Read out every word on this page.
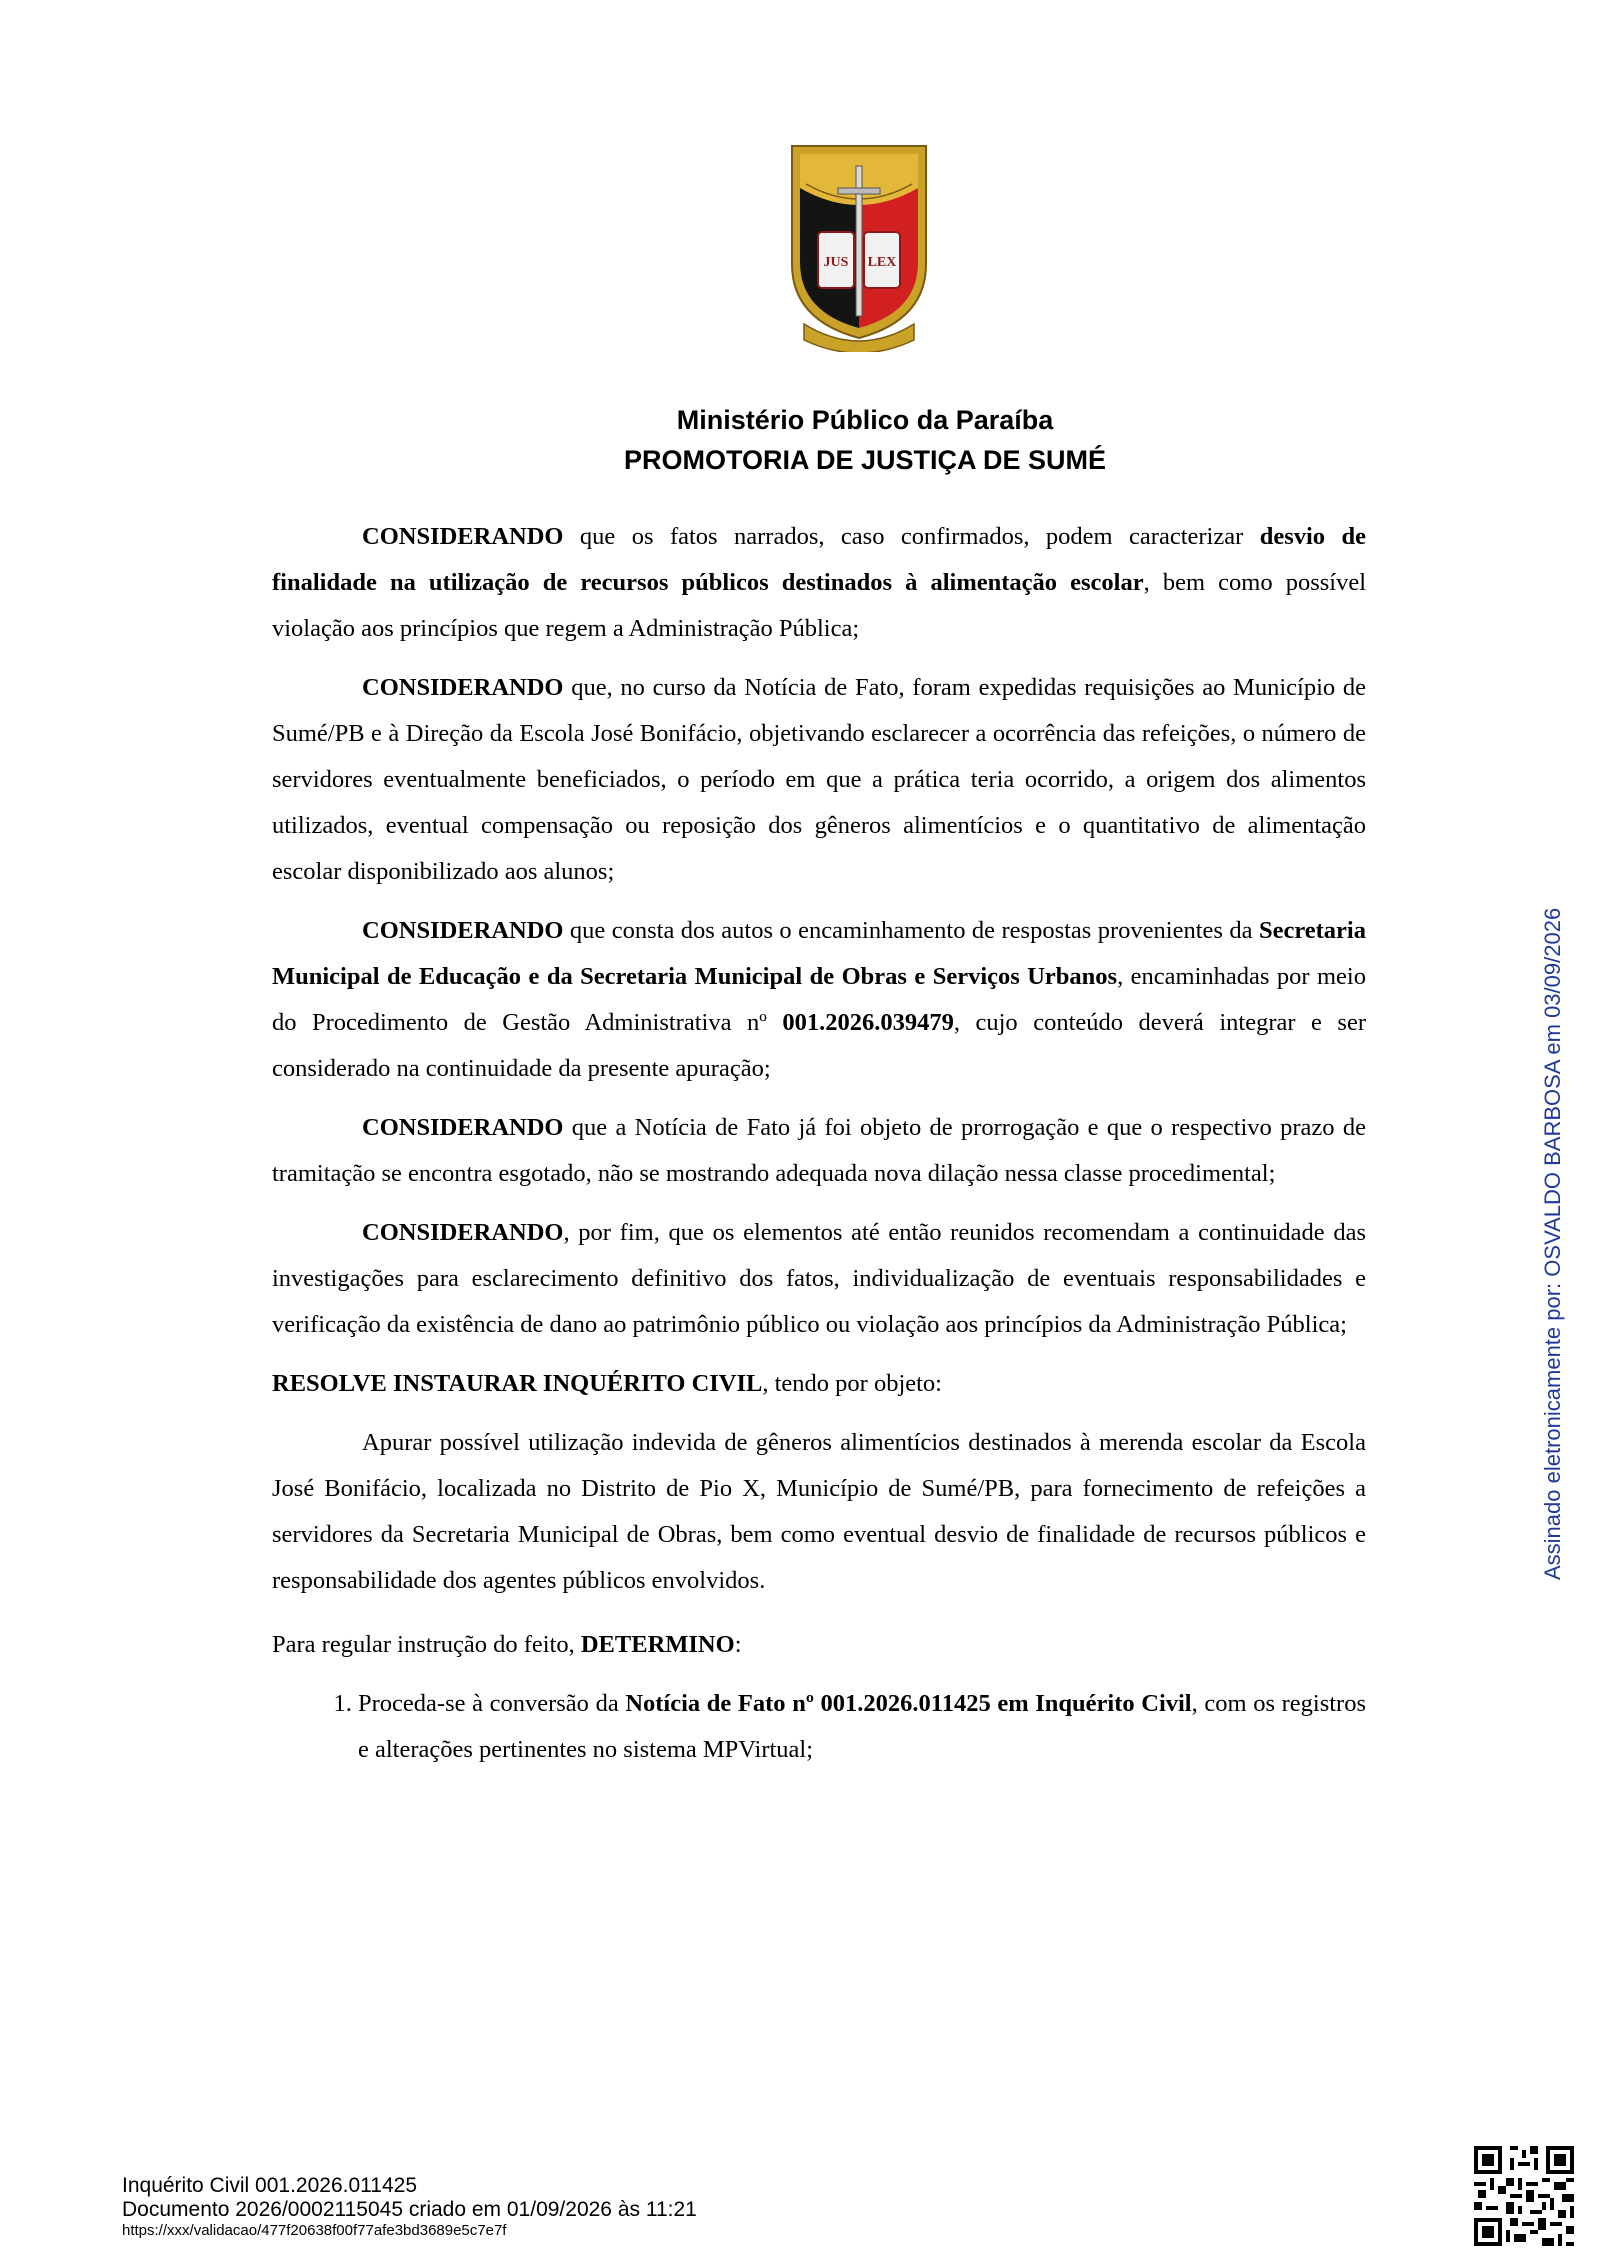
JUS LEX
Ministério Público da Paraíba
PROMOTORIA DE JUSTIÇA DE SUMÉ

CONSIDERANDO que os fatos narrados, caso confirmados, podem caracterizar desvio de finalidade na utilização de recursos públicos destinados à alimentação escolar, bem como possível violação aos princípios que regem a Administração Pública;

CONSIDERANDO que, no curso da Notícia de Fato, foram expedidas requisições ao Município de Sumé/PB e à Direção da Escola José Bonifácio, objetivando esclarecer a ocorrência das refeições, o número de servidores eventualmente beneficiados, o período em que a prática teria ocorrido, a origem dos alimentos utilizados, eventual compensação ou reposição dos gêneros alimentícios e o quantitativo de alimentação escolar disponibilizado aos alunos;

CONSIDERANDO que consta dos autos o encaminhamento de respostas provenientes da Secretaria Municipal de Educação e da Secretaria Municipal de Obras e Serviços Urbanos, encaminhadas por meio do Procedimento de Gestão Administrativa nº 001.2026.039479, cujo conteúdo deverá integrar e ser considerado na continuidade da presente apuração;

CONSIDERANDO que a Notícia de Fato já foi objeto de prorrogação e que o respectivo prazo de tramitação se encontra esgotado, não se mostrando adequada nova dilação nessa classe procedimental;

CONSIDERANDO, por fim, que os elementos até então reunidos recomendam a continuidade das investigações para esclarecimento definitivo dos fatos, individualização de eventuais responsabilidades e verificação da existência de dano ao patrimônio público ou violação aos princípios da Administração Pública;

RESOLVE INSTAURAR INQUÉRITO CIVIL, tendo por objeto:

Apurar possível utilização indevida de gêneros alimentícios destinados à merenda escolar da Escola José Bonifácio, localizada no Distrito de Pio X, Município de Sumé/PB, para fornecimento de refeições a servidores da Secretaria Municipal de Obras, bem como eventual desvio de finalidade de recursos públicos e responsabilidade dos agentes públicos envolvidos.

Para regular instrução do feito, DETERMINO:

1. Proceda-se à conversão da Notícia de Fato nº 001.2026.011425 em Inquérito Civil, com os registros e alterações pertinentes no sistema MPVirtual;
Assinado eletronicamente por: OSVALDO BARBOSA em 03/09/2026
Inquérito Civil 001.2026.011425
Documento 2026/0002115045 criado em 01/09/2026 às 11:21
https://xxx/validacao/477f20638f00f77afe3bd3689e5c7e7f
